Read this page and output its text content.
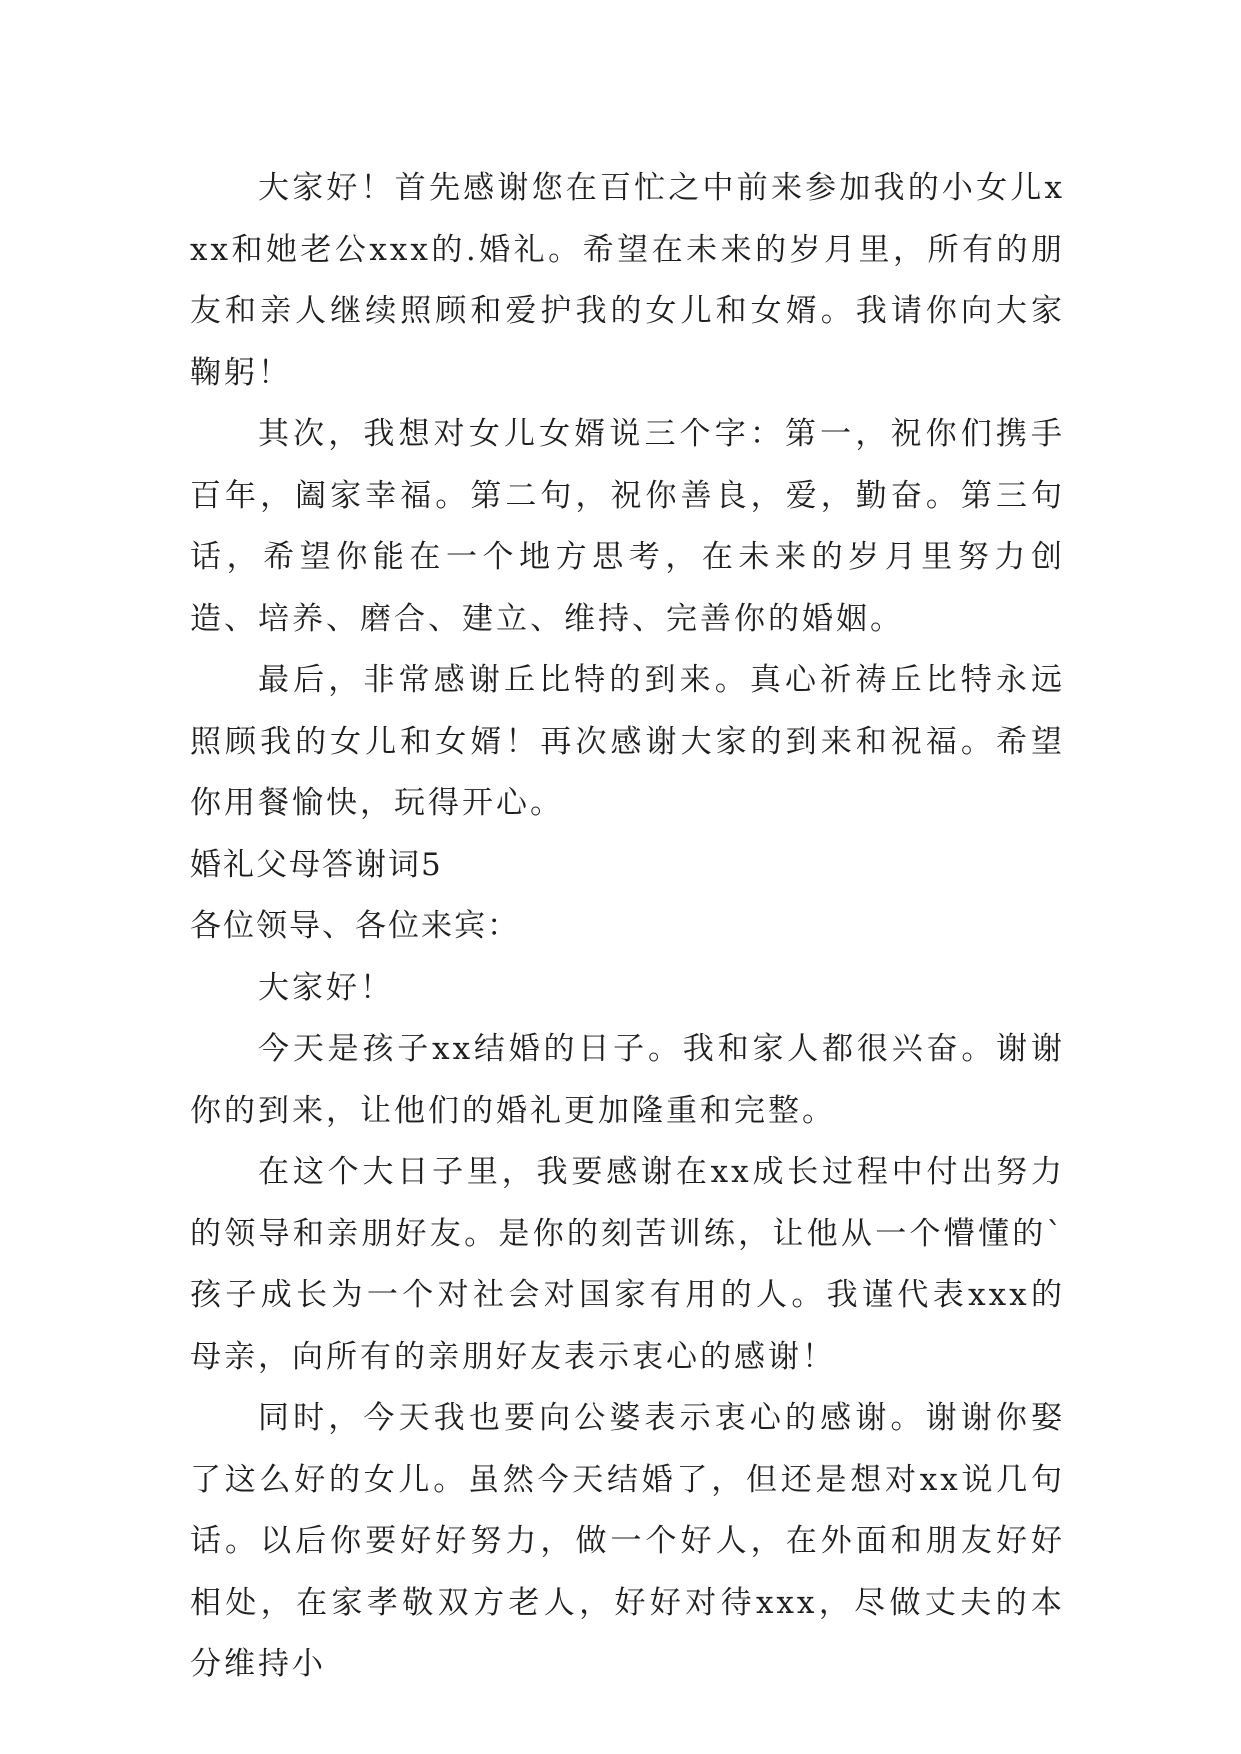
大家好！首先感谢您在百忙之中前来参加我的小女儿xxx和她老公xxx的.婚礼。希望在未来的岁月里，所有的朋友和亲人继续照顾和爱护我的女儿和女婿。我请你向大家鞠躬！

其次，我想对女儿女婿说三个字：第一，祝你们携手百年，阖家幸福。第二句，祝你善良，爱，勤奋。第三句话，希望你能在一个地方思考，在未来的岁月里努力创造、培养、磨合、建立、维持、完善你的婚姻。

最后，非常感谢丘比特的到来。真心祈祷丘比特永远照顾我的女儿和女婿！再次感谢大家的到来和祝福。希望你用餐愉快，玩得开心。

婚礼父母答谢词5

各位领导、各位来宾：

大家好！

今天是孩子xx结婚的日子。我和家人都很兴奋。谢谢你的到来，让他们的婚礼更加隆重和完整。

在这个大日子里，我要感谢在xx成长过程中付出努力的领导和亲朋好友。是你的刻苦训练，让他从一个懵懂的`孩子成长为一个对社会对国家有用的人。我谨代表xxx的母亲，向所有的亲朋好友表示衷心的感谢！

同时，今天我也要向公婆表示衷心的感谢。谢谢你娶了这么好的女儿。虽然今天结婚了，但还是想对xx说几句话。以后你要好好努力，做一个好人，在外面和朋友好好相处，在家孝敬双方老人，好好对待xxx，尽做丈夫的本分维持小
